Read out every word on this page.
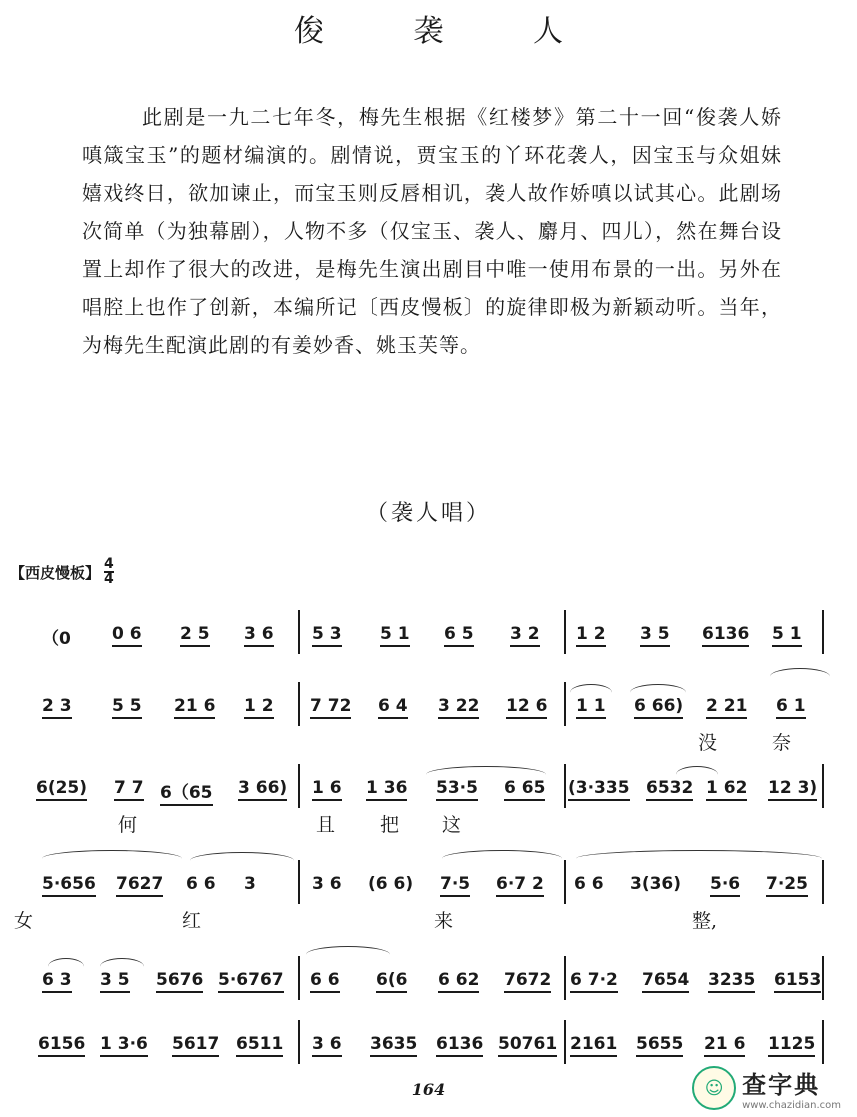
俊 袭 人
此剧是一九二七年冬，梅先生根据《红楼梦》第二十一回“俊袭人娇嗔箴宝玉”的题材编演的。剧情说，贾宝玉的丫环花袭人，因宝玉与众姐妹嬉戏终日，欲加谏止，而宝玉则反唇相讥，袭人故作娇嗔以试其心。此剧场次简单（为独幕剧），人物不多（仅宝玉、袭人、麝月、四儿），然在舞台设置上却作了很大的改进，是梅先生演出剧目中唯一使用布景的一出。另外在唱腔上也作了创新，本编所记〔西皮慢板〕的旋律即极为新颖动听。当年，为梅先生配演此剧的有姜妙香、姚玉芙等。
（袭人唱）
【西皮慢板】 4
4
（0 0 6 2 5 3 6 5 3 5 1 6 5 3 2 1 2 3 5 6136 5 1
2 3 5 5 21 6 1 2 7 72 6 4 3 22 12 6 1 1 6 66) 2 21 6 1
没	奈
6(25) 7 7 6（65 3 66) 1 6 1 36 53·5 6 65 (3·335 6532 1 62 12 3)
何	且 把 这
5·656 7627 6 6 3	3 6 (6 6) 7·5 6·7 2 6 6 3(36) 5·6 7·25
女	红	来	整,
6 3 3 5 5676 5·6767 6 6 6(6 6 62 7672 6 7·2 7654 3235 6153
6156 1 3·6 5617 6511 3 6 3635 6136 50761 2161 5655 21 6 1125
164	☺ 查字典
www.chazidian.com
